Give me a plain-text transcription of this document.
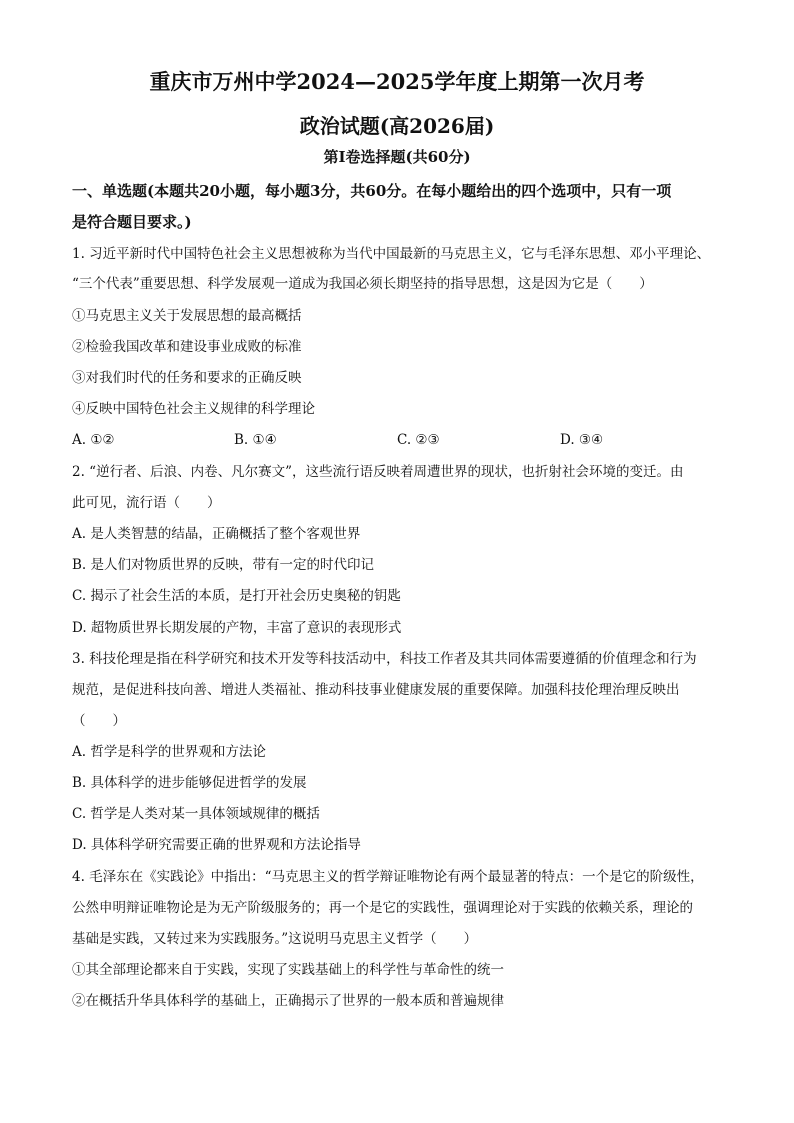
重庆市万州中学2024—2025学年度上期第一次月考
政治试题(高2026届)
第Ⅰ卷选择题(共60分)
一、单选题(本题共20小题，每小题3分，共60分。在每小题给出的四个选项中，只有一项
是符合题目要求。)
1. 习近平新时代中国特色社会主义思想被称为当代中国最新的马克思主义，它与毛泽东思想、邓小平理论、
“三个代表”重要思想、科学发展观一道成为我国必须长期坚持的指导思想，这是因为它是（　　）
①马克思主义关于发展思想的最高概括
②检验我国改革和建设事业成败的标准
③对我们时代的任务和要求的正确反映
④反映中国特色社会主义规律的科学理论
A. ①②	B. ①④	C. ②③	D. ③④
2. “逆行者、后浪、内卷、凡尔赛文”，这些流行语反映着周遭世界的现状，也折射社会环境的变迁。由
此可见，流行语（　　）
A. 是人类智慧的结晶，正确概括了整个客观世界
B. 是人们对物质世界的反映，带有一定的时代印记
C. 揭示了社会生活的本质，是打开社会历史奥秘的钥匙
D. 超物质世界长期发展的产物，丰富了意识的表现形式
3. 科技伦理是指在科学研究和技术开发等科技活动中，科技工作者及其共同体需要遵循的价值理念和行为
规范，是促进科技向善、增进人类福祉、推动科技事业健康发展的重要保障。加强科技伦理治理反映出
（　　）
A. 哲学是科学的世界观和方法论
B. 具体科学的进步能够促进哲学的发展
C. 哲学是人类对某一具体领域规律的概括
D. 具体科学研究需要正确的世界观和方法论指导
4. 毛泽东在《实践论》中指出：“马克思主义的哲学辩证唯物论有两个最显著的特点：一个是它的阶级性，
公然申明辩证唯物论是为无产阶级服务的；再一个是它的实践性，强调理论对于实践的依赖关系，理论的
基础是实践，又转过来为实践服务。”这说明马克思主义哲学（　　）
①其全部理论都来自于实践，实现了实践基础上的科学性与革命性的统一
②在概括升华具体科学的基础上，正确揭示了世界的一般本质和普遍规律
